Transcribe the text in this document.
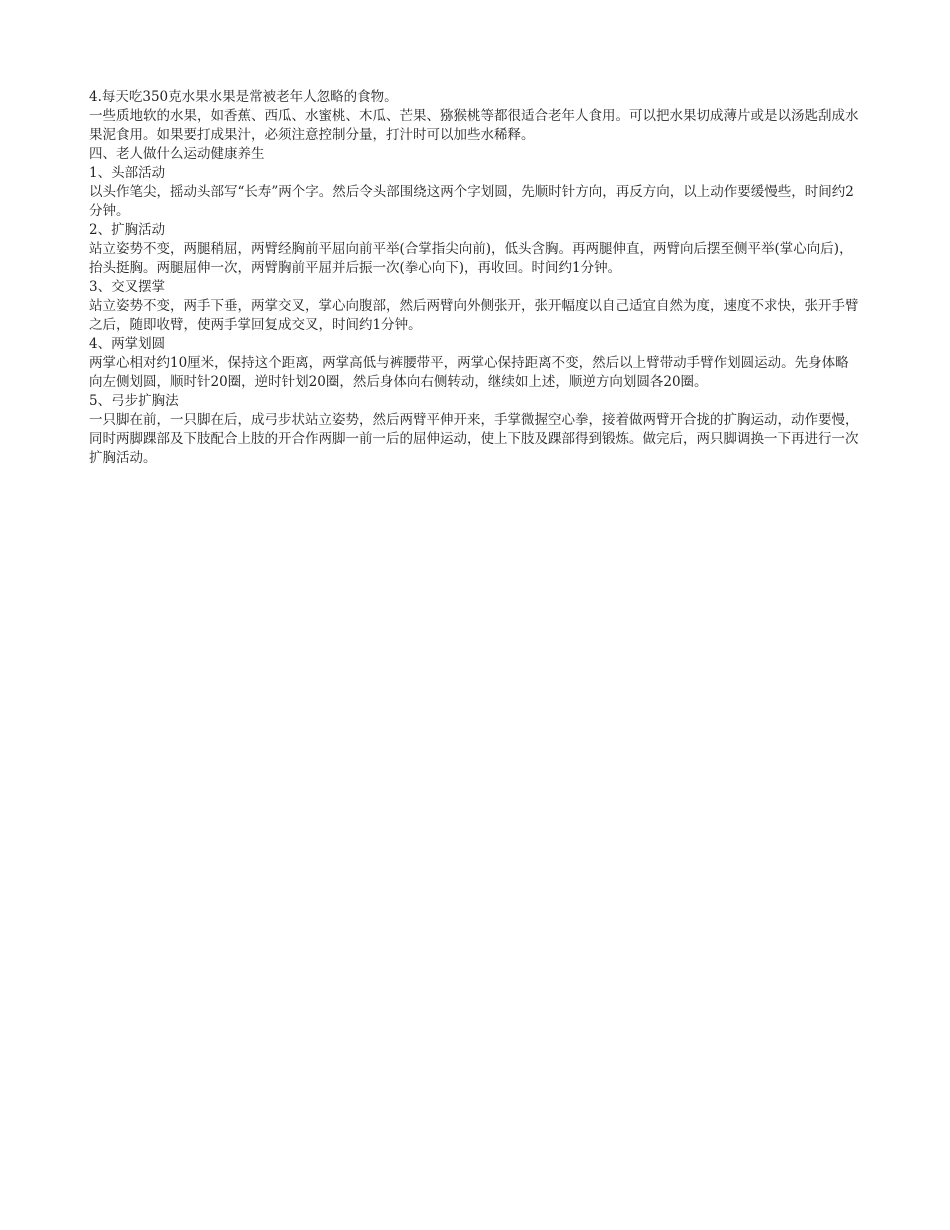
4.每天吃350克水果水果是常被老年人忽略的食物。

一些质地软的水果，如香蕉、西瓜、水蜜桃、木瓜、芒果、猕猴桃等都很适合老年人食用。可以把水果切成薄片或是以汤匙刮成水果泥食用。如果要打成果汁，必须注意控制分量，打汁时可以加些水稀释。

四、老人做什么运动健康养生

1、头部活动

以头作笔尖，摇动头部写“长寿”两个字。然后令头部围绕这两个字划圆，先顺时针方向，再反方向，以上动作要缓慢些，时间约2分钟。

2、扩胸活动

站立姿势不变，两腿稍屈，两臂经胸前平屈向前平举(合掌指尖向前)，低头含胸。再两腿伸直，两臂向后摆至侧平举(掌心向后)，抬头挺胸。两腿屈伸一次，两臂胸前平屈并后振一次(拳心向下)，再收回。时间约1分钟。

3、交叉摆掌

站立姿势不变，两手下垂，两掌交叉，掌心向腹部，然后两臂向外侧张开，张开幅度以自己适宜自然为度，速度不求快，张开手臂之后，随即收臂，使两手掌回复成交叉，时间约1分钟。

4、两掌划圆

两掌心相对约10厘米，保持这个距离，两掌高低与裤腰带平，两掌心保持距离不变，然后以上臂带动手臂作划圆运动。先身体略向左侧划圆，顺时针20圈，逆时针划20圈，然后身体向右侧转动，继续如上述，顺逆方向划圆各20圈。

5、弓步扩胸法

一只脚在前，一只脚在后，成弓步状站立姿势，然后两臂平伸开来，手掌微握空心拳，接着做两臂开合拢的扩胸运动，动作要慢，同时两脚踝部及下肢配合上肢的开合作两脚一前一后的屈伸运动，使上下肢及踝部得到锻炼。做完后，两只脚调换一下再进行一次扩胸活动。
